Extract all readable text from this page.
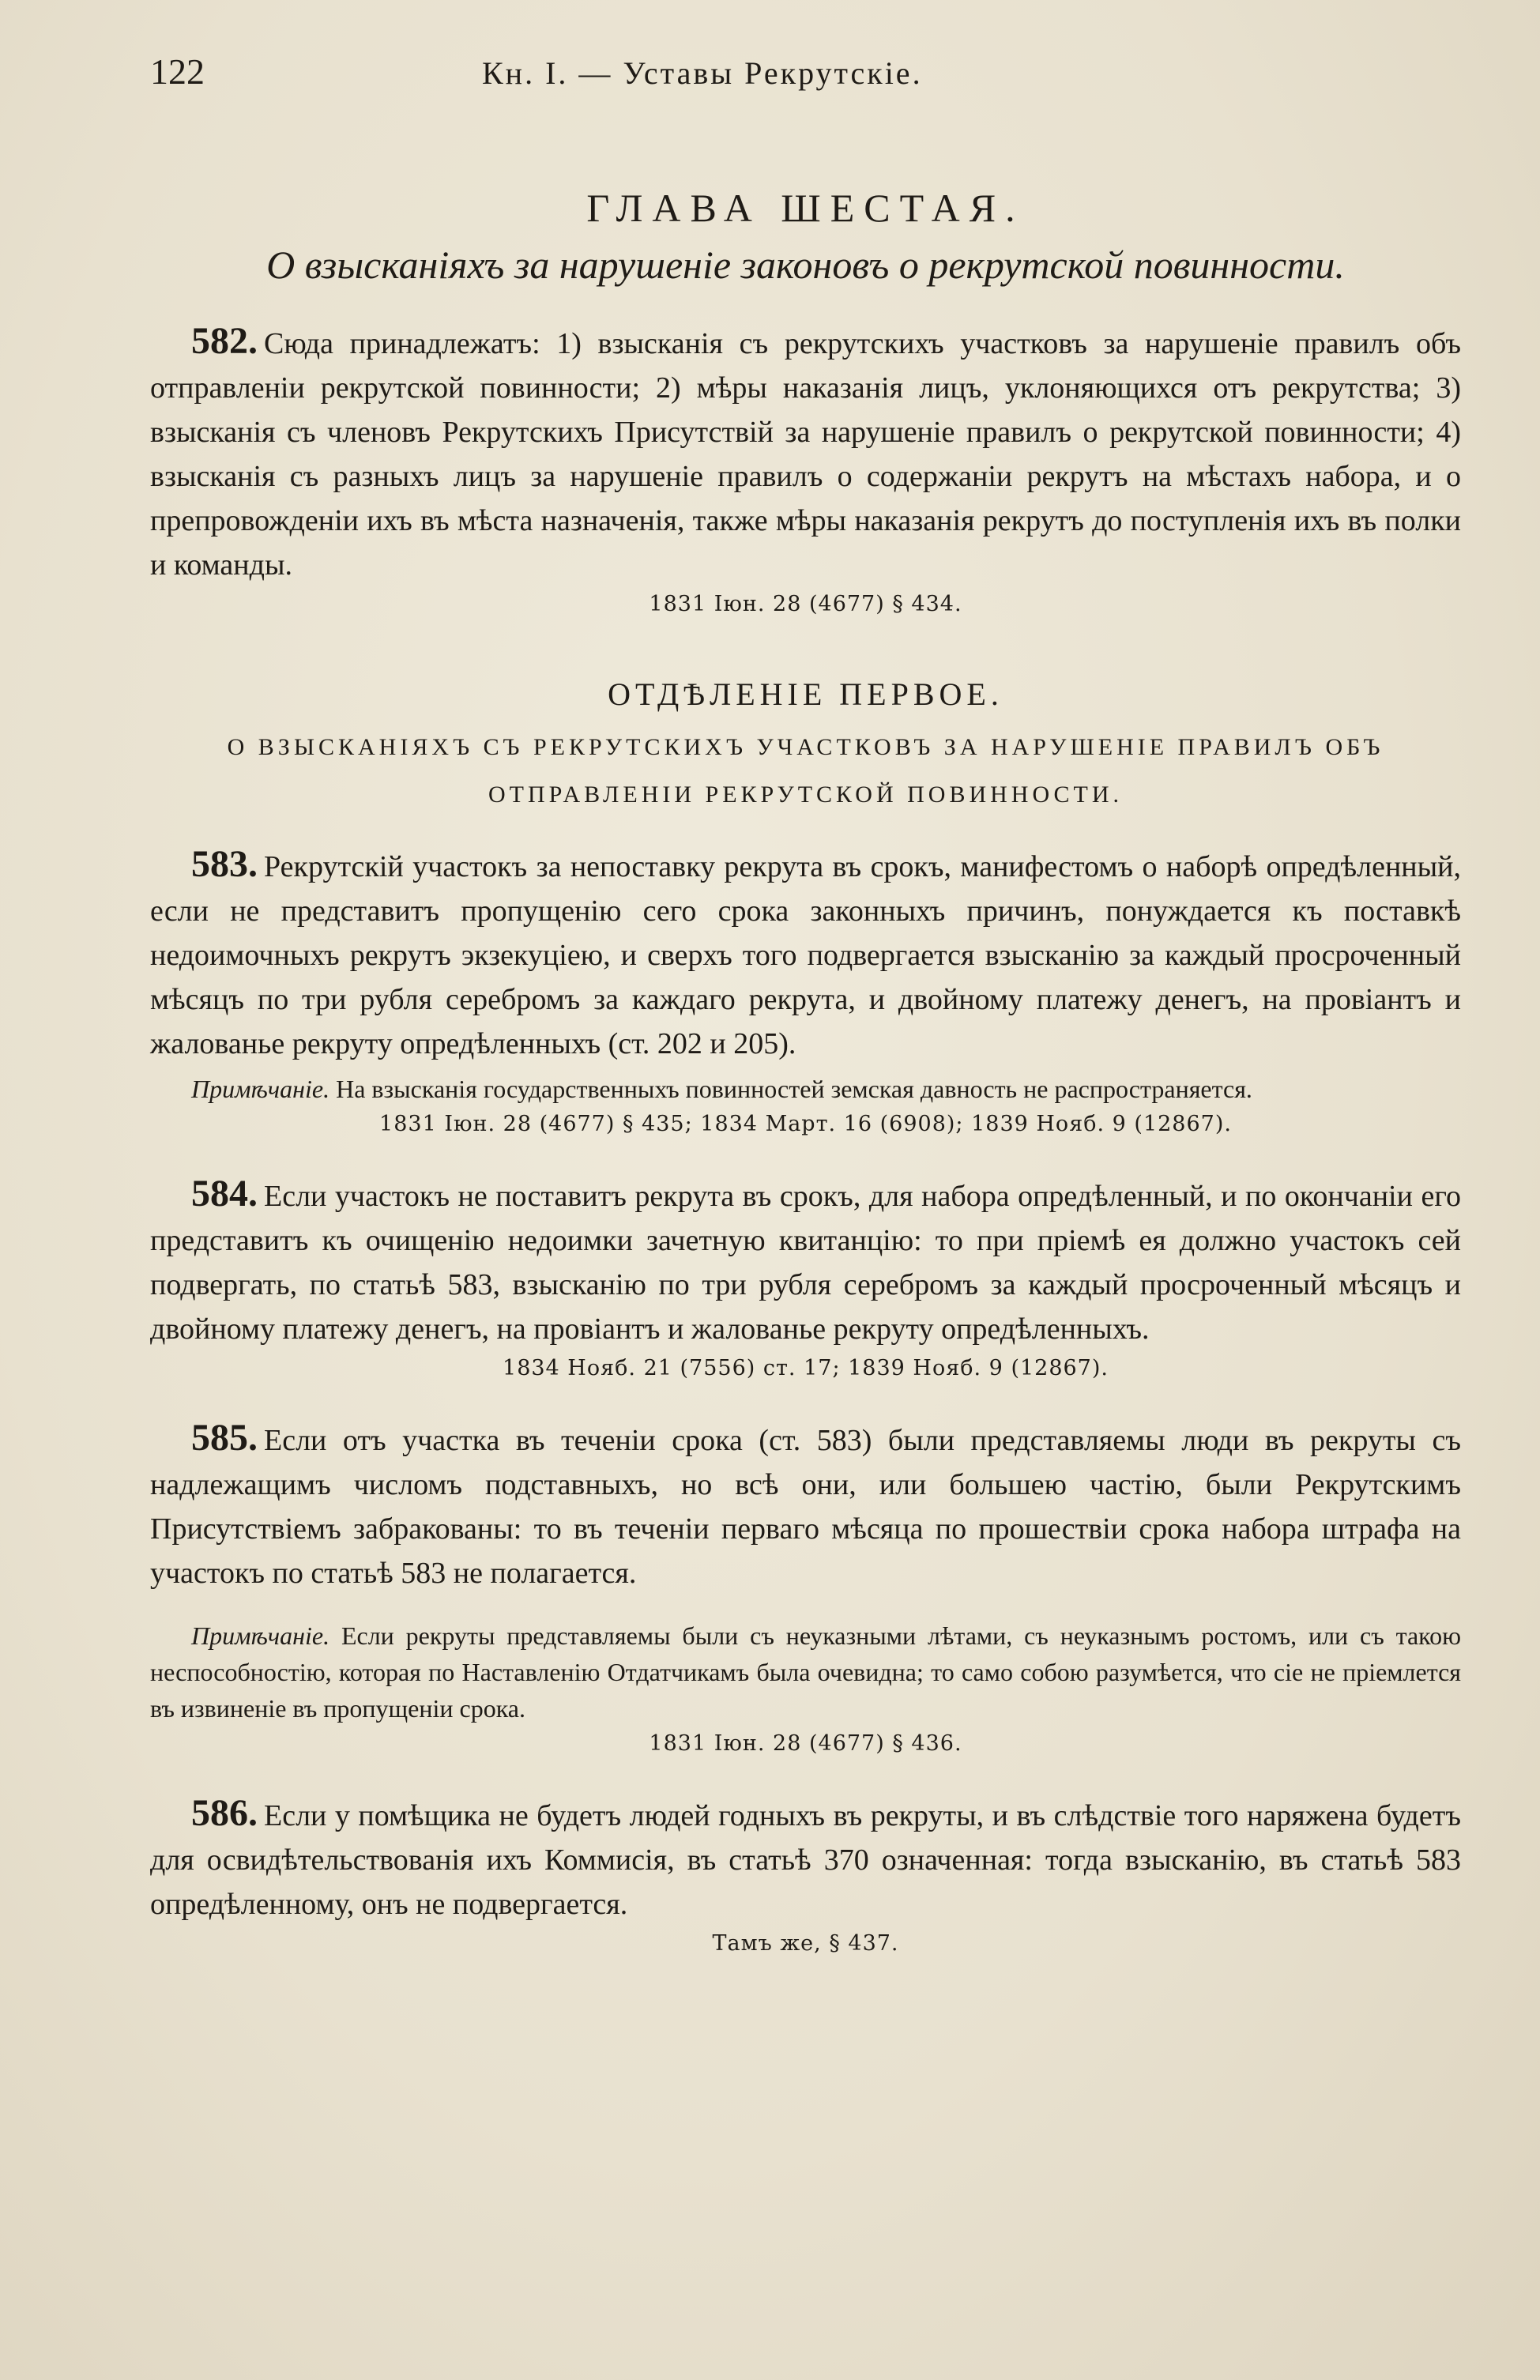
122	Кн. I. — Уставы Рекрутскіе.
ГЛАВА ШЕСТАЯ.
О взысканіяхъ за нарушеніе законовъ о рекрутской повинности.

582. Сюда принадлежатъ: 1) взысканія съ рекрутскихъ участковъ за нарушеніе правилъ объ отправленіи рекрутской повинности; 2) мѣры наказанія лицъ, уклоняющихся отъ рекрутства; 3) взысканія съ членовъ Рекрутскихъ Присутствій за нарушеніе правилъ о рекрутской повинности; 4) взысканія съ разныхъ лицъ за нарушеніе правилъ о содержаніи рекрутъ на мѣстахъ набора, и о препровожденіи ихъ въ мѣста назначенія, также мѣры наказанія рекрутъ до поступленія ихъ въ полки и команды.

1831 Іюн. 28 (4677) § 434.

ОТДѢЛЕНІЕ ПЕРВОЕ.
О ВЗЫСКАНІЯХЪ СЪ РЕКРУТСКИХЪ УЧАСТКОВЪ ЗА НАРУШЕНІЕ ПРАВИЛЪ ОБЪ ОТПРАВЛЕНІИ РЕКРУТСКОЙ ПОВИННОСТИ.

583. Рекрутскій участокъ за непоставку рекрута въ срокъ, манифестомъ о наборѣ опредѣленный, если не представитъ пропущенію сего срока законныхъ причинъ, понуждается къ поставкѣ недоимочныхъ рекрутъ экзекуціею, и сверхъ того подвергается взысканію за каждый просроченный мѣсяцъ по три рубля серебромъ за каждаго рекрута, и двойному платежу денегъ, на провіантъ и жалованье рекруту опредѣленныхъ (ст. 202 и 205).

Примѣчаніе. На взысканія государственныхъ повинностей земская давность не распространяется.

1831 Іюн. 28 (4677) § 435; 1834 Март. 16 (6908); 1839 Нояб. 9 (12867).

584. Если участокъ не поставитъ рекрута въ срокъ, для набора опредѣленный, и по окончаніи его представитъ къ очищенію недоимки зачетную квитанцію: то при пріемѣ ея должно участокъ сей подвергать, по статьѣ 583, взысканію по три рубля серебромъ за каждый просроченный мѣсяцъ и двойному платежу денегъ, на провіантъ и жалованье рекруту опредѣленныхъ.

1834 Нояб. 21 (7556) ст. 17; 1839 Нояб. 9 (12867).

585. Если отъ участка въ теченіи срока (ст. 583) были представляемы люди въ рекруты съ надлежащимъ числомъ подставныхъ, но всѣ они, или большею частію, были Рекрутскимъ Присутствіемъ забракованы: то въ теченіи перваго мѣсяца по прошествіи срока набора штрафа на участокъ по статьѣ 583 не полагается.

Примѣчаніе. Если рекруты представляемы были съ неуказными лѣтами, съ неуказнымъ ростомъ, или съ такою неспособностію, которая по Наставленію Отдатчикамъ была очевидна; то само собою разумѣется, что сіе не пріемлется въ извиненіе въ пропущеніи срока.

1831 Іюн. 28 (4677) § 436.

586. Если у помѣщика не будетъ людей годныхъ въ рекруты, и въ слѣдствіе того наряжена будетъ для освидѣтельствованія ихъ Коммисія, въ статьѣ 370 означенная: тогда взысканію, въ статьѣ 583 опредѣленному, онъ не подвергается.

Тамъ же, § 437.
